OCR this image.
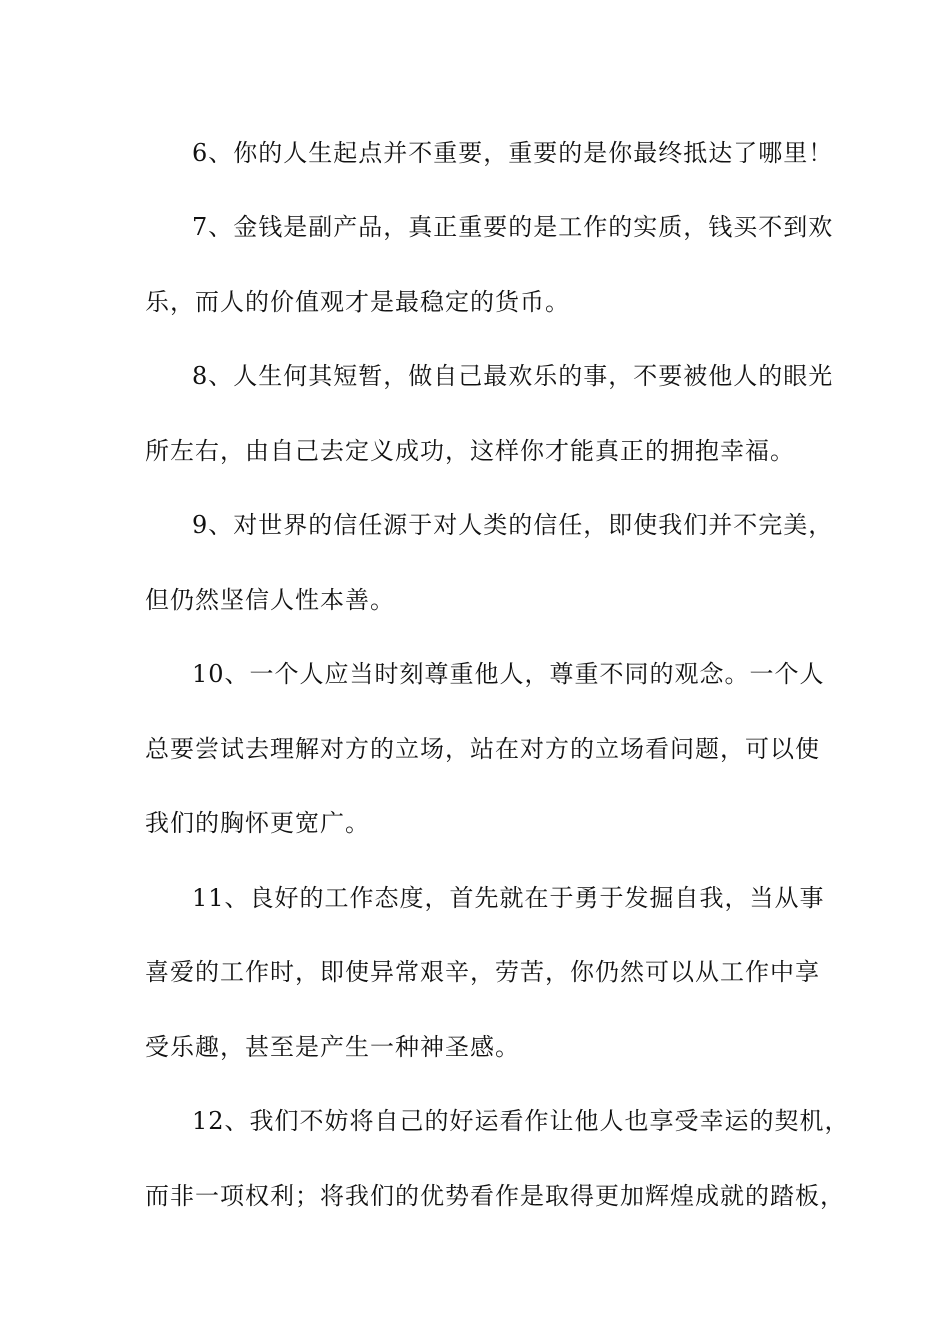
6、你的人生起点并不重要，重要的是你最终抵达了哪里！
7、金钱是副产品，真正重要的是工作的实质，钱买不到欢
乐，而人的价值观才是最稳定的货币。
8、人生何其短暂，做自己最欢乐的事，不要被他人的眼光
所左右，由自己去定义成功，这样你才能真正的拥抱幸福。
9、对世界的信任源于对人类的信任，即使我们并不完美，
但仍然坚信人性本善。
10、一个人应当时刻尊重他人，尊重不同的观念。一个人
总要尝试去理解对方的立场，站在对方的立场看问题，可以使
我们的胸怀更宽广。
11、良好的工作态度，首先就在于勇于发掘自我，当从事
喜爱的工作时，即使异常艰辛，劳苦，你仍然可以从工作中享
受乐趣，甚至是产生一种神圣感。
12、我们不妨将自己的好运看作让他人也享受幸运的契机，
而非一项权利；将我们的优势看作是取得更加辉煌成就的踏板，
